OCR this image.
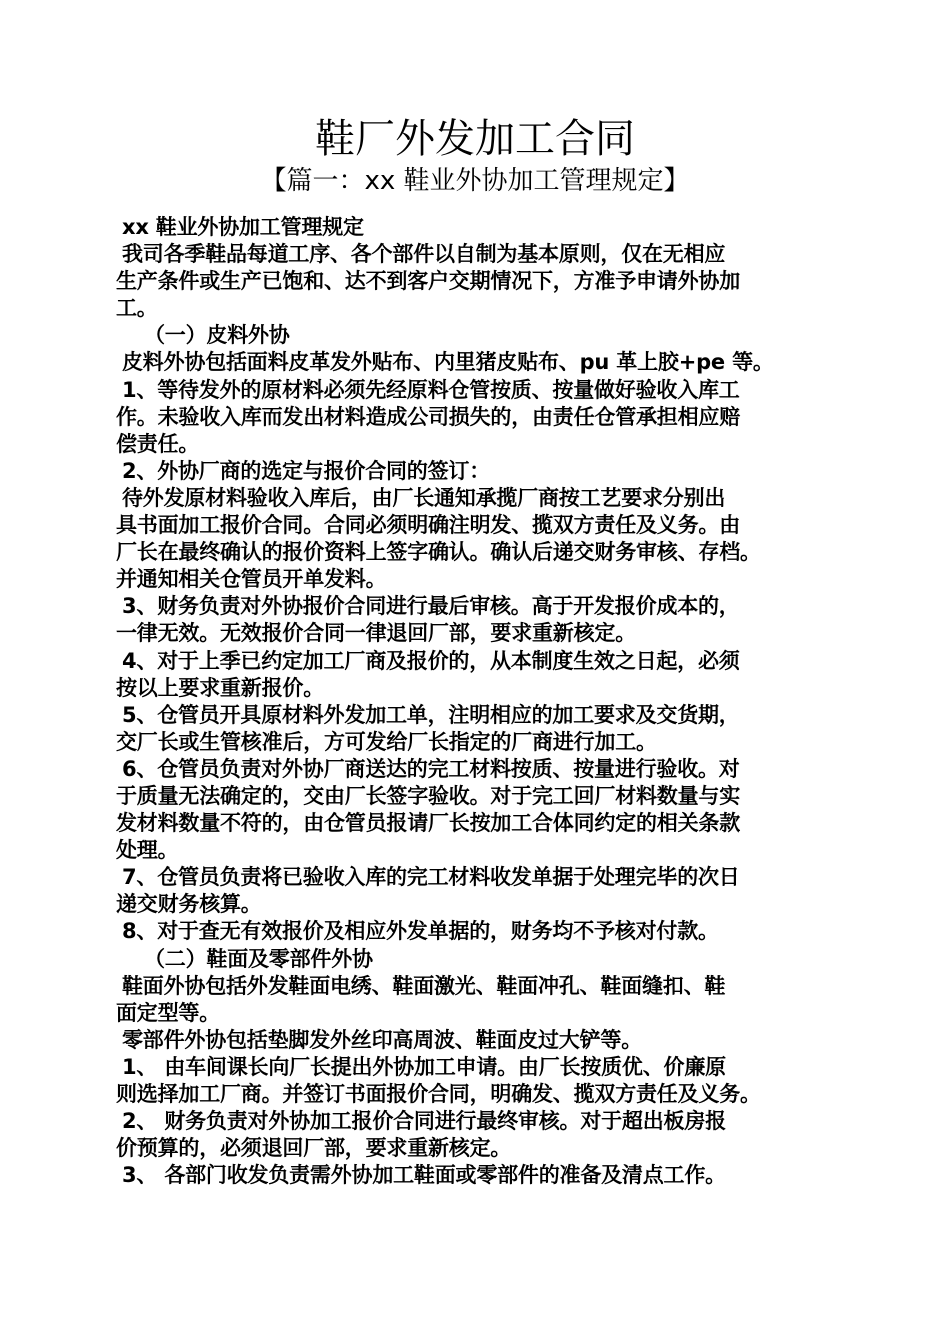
鞋厂外发加工合同
【篇一：xx 鞋业外协加工管理规定】
xx 鞋业外协加工管理规定
我司各季鞋品每道工序、各个部件以自制为基本原则，仅在无相应
生产条件或生产已饱和、达不到客户交期情况下，方准予申请外协加
工。
（一）皮料外协
皮料外协包括面料皮革发外贴布、内里猪皮贴布、pu 革上胶+pe 等。
1、等待发外的原材料必须先经原料仓管按质、按量做好验收入库工
作。未验收入库而发出材料造成公司损失的，由责任仓管承担相应赔
偿责任。
2、外协厂商的选定与报价合同的签订：
待外发原材料验收入库后，由厂长通知承揽厂商按工艺要求分别出
具书面加工报价合同。合同必须明确注明发、揽双方责任及义务。由
厂长在最终确认的报价资料上签字确认。确认后递交财务审核、存档。
并通知相关仓管员开单发料。
3、财务负责对外协报价合同进行最后审核。高于开发报价成本的，
一律无效。无效报价合同一律退回厂部，要求重新核定。
4、对于上季已约定加工厂商及报价的，从本制度生效之日起，必须
按以上要求重新报价。
5、仓管员开具原材料外发加工单，注明相应的加工要求及交货期，
交厂长或生管核准后，方可发给厂长指定的厂商进行加工。
6、仓管员负责对外协厂商送达的完工材料按质、按量进行验收。对
于质量无法确定的，交由厂长签字验收。对于完工回厂材料数量与实
发材料数量不符的，由仓管员报请厂长按加工合体同约定的相关条款
处理。
7、仓管员负责将已验收入库的完工材料收发单据于处理完毕的次日
递交财务核算。
8、对于查无有效报价及相应外发单据的，财务均不予核对付款。
（二）鞋面及零部件外协
鞋面外协包括外发鞋面电绣、鞋面激光、鞋面冲孔、鞋面缝扣、鞋
面定型等。
零部件外协包括垫脚发外丝印高周波、鞋面皮过大铲等。
1、 由车间课长向厂长提出外协加工申请。由厂长按质优、价廉原
则选择加工厂商。并签订书面报价合同，明确发、揽双方责任及义务。
2、 财务负责对外协加工报价合同进行最终审核。对于超出板房报
价预算的，必须退回厂部，要求重新核定。
3、 各部门收发负责需外协加工鞋面或零部件的准备及清点工作。
